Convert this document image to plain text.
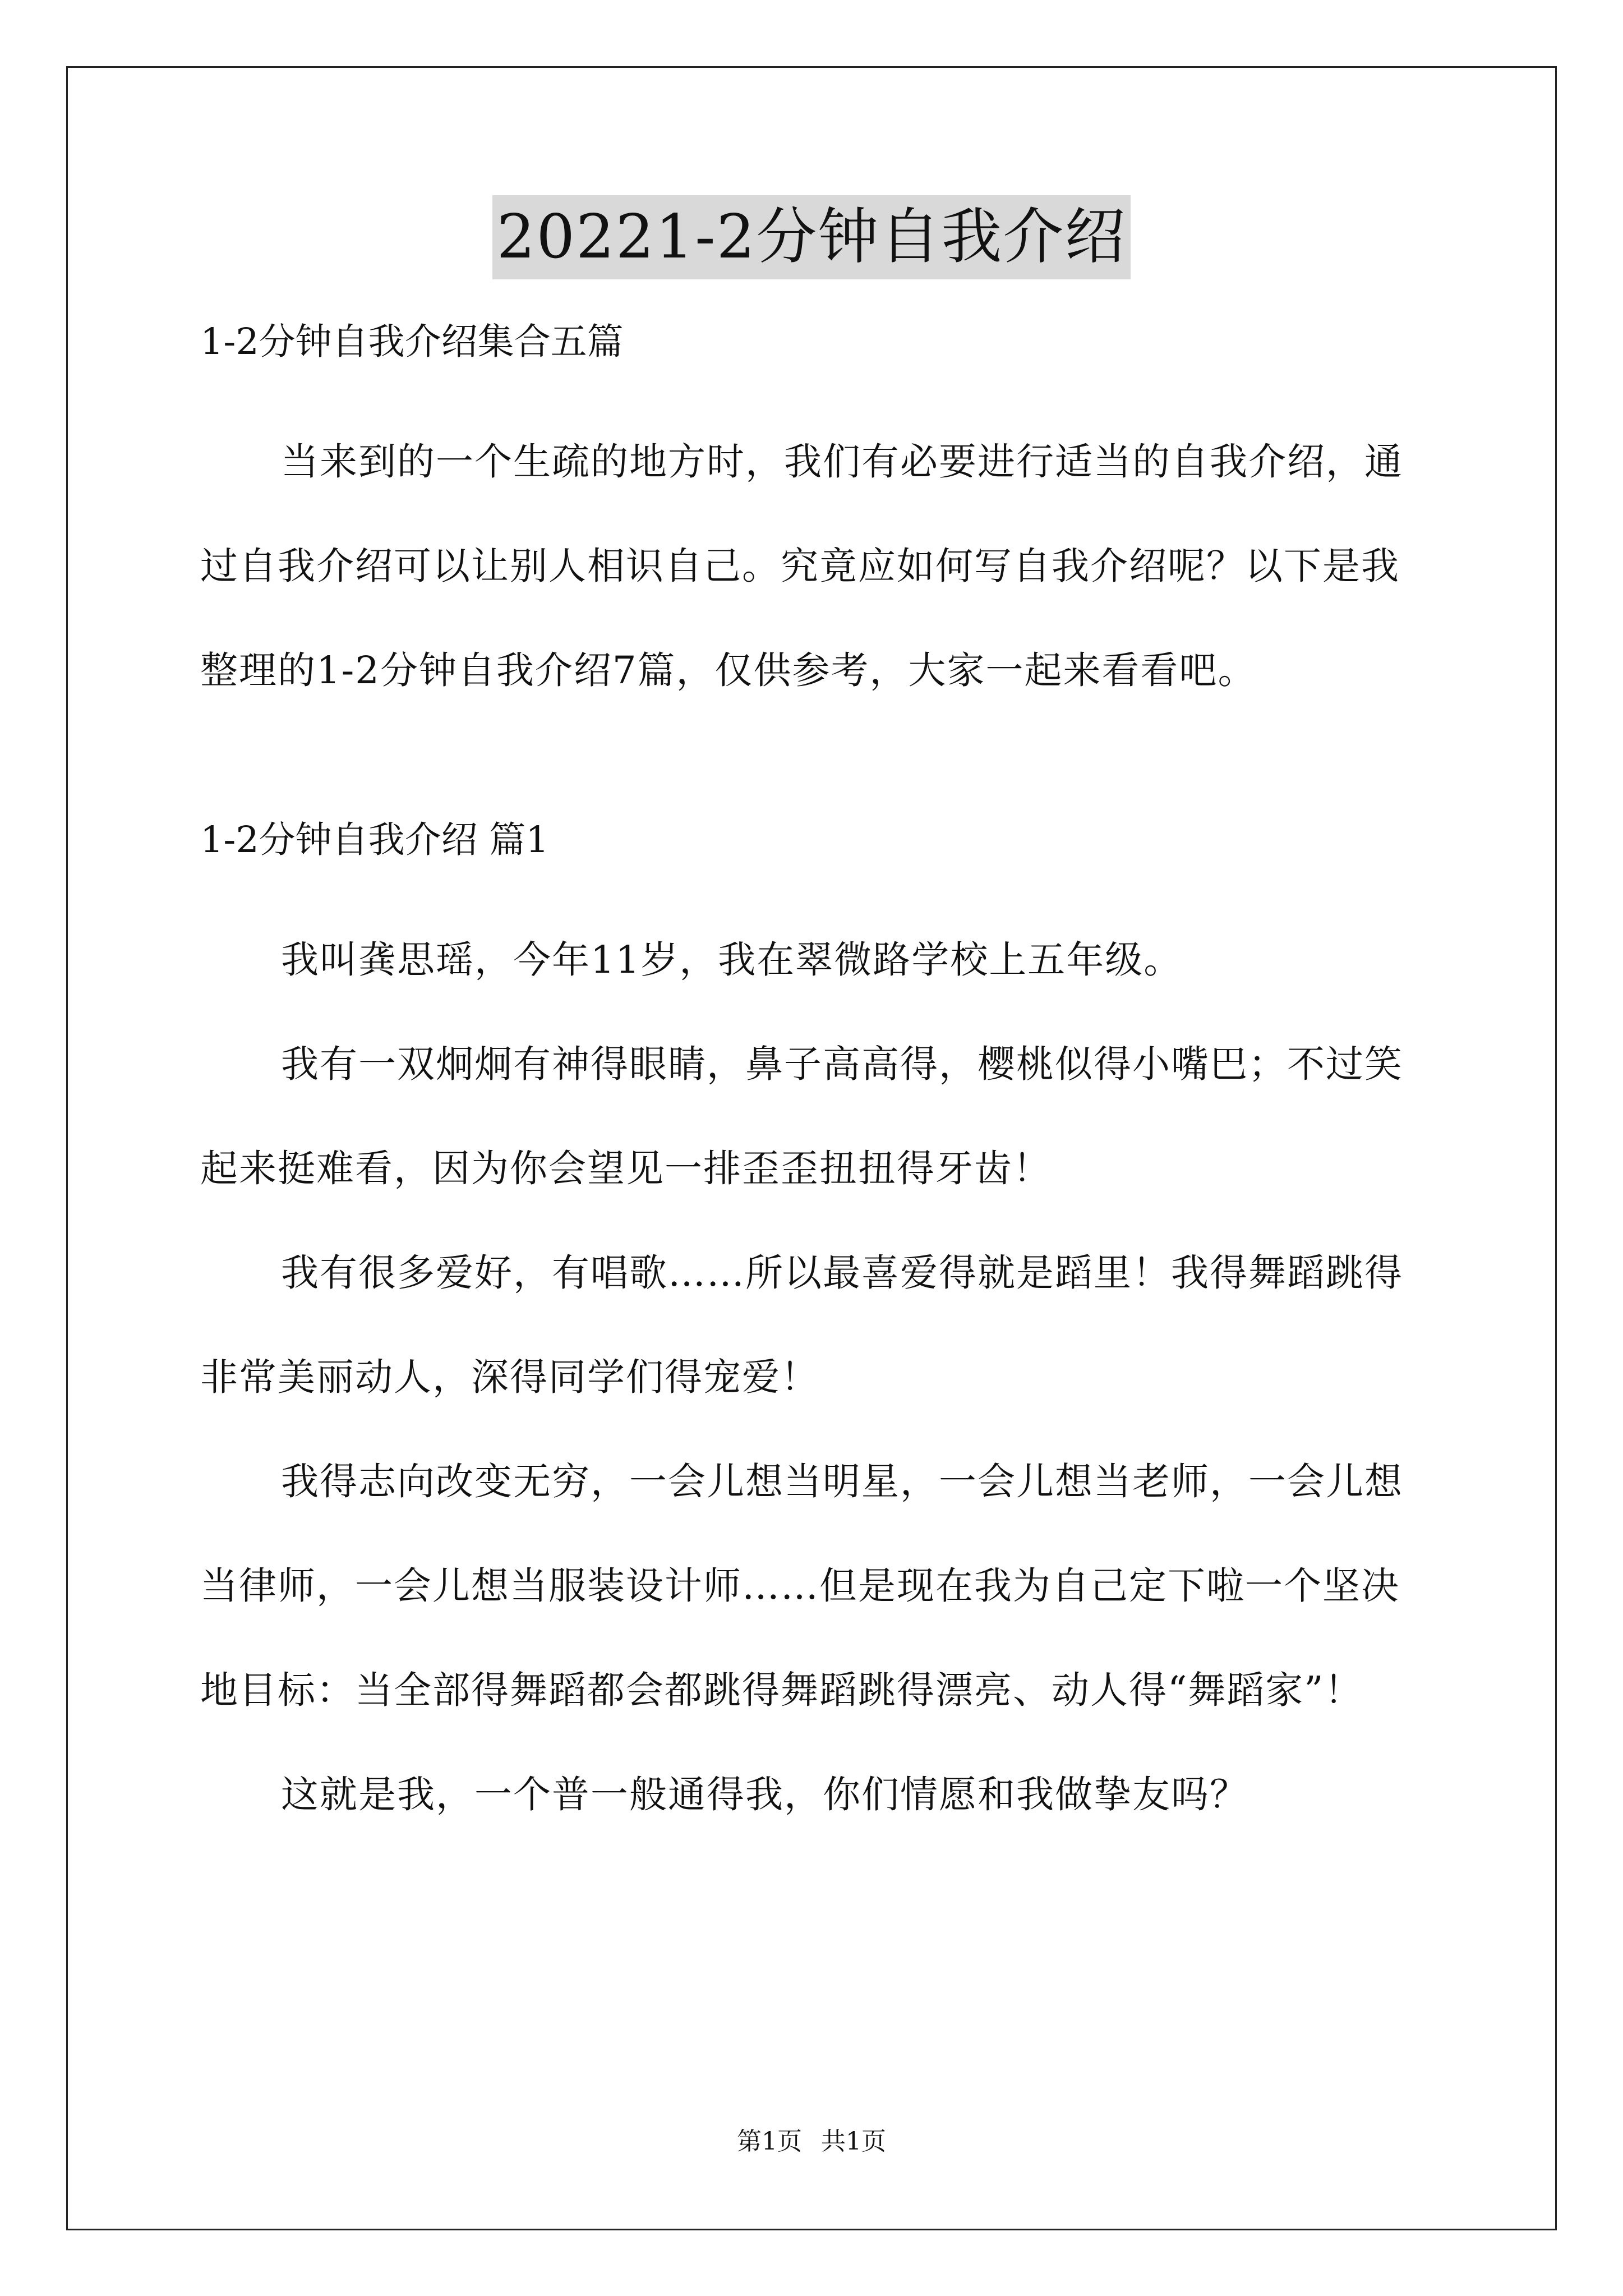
20221-2分钟自我介绍

1-2分钟自我介绍集合五篇

当来到的一个生疏的地方时，我们有必要进行适当的自我介绍，通过自我介绍可以让别人相识自己。究竟应如何写自我介绍呢？以下是我整理的1-2分钟自我介绍7篇，仅供参考，大家一起来看看吧。

1-2分钟自我介绍 篇1

我叫龚思瑶，今年11岁，我在翠微路学校上五年级。

我有一双炯炯有神得眼睛，鼻子高高得，樱桃似得小嘴巴；不过笑起来挺难看，因为你会望见一排歪歪扭扭得牙齿！

我有很多爱好，有唱歌……所以最喜爱得就是蹈里！我得舞蹈跳得非常美丽动人，深得同学们得宠爱！

我得志向改变无穷，一会儿想当明星，一会儿想当老师，一会儿想当律师，一会儿想当服装设计师……但是现在我为自己定下啦一个坚决地目标：当全部得舞蹈都会都跳得舞蹈跳得漂亮、动人得“舞蹈家”！

这就是我，一个普一般通得我，你们情愿和我做挚友吗？

第1页 共1页
